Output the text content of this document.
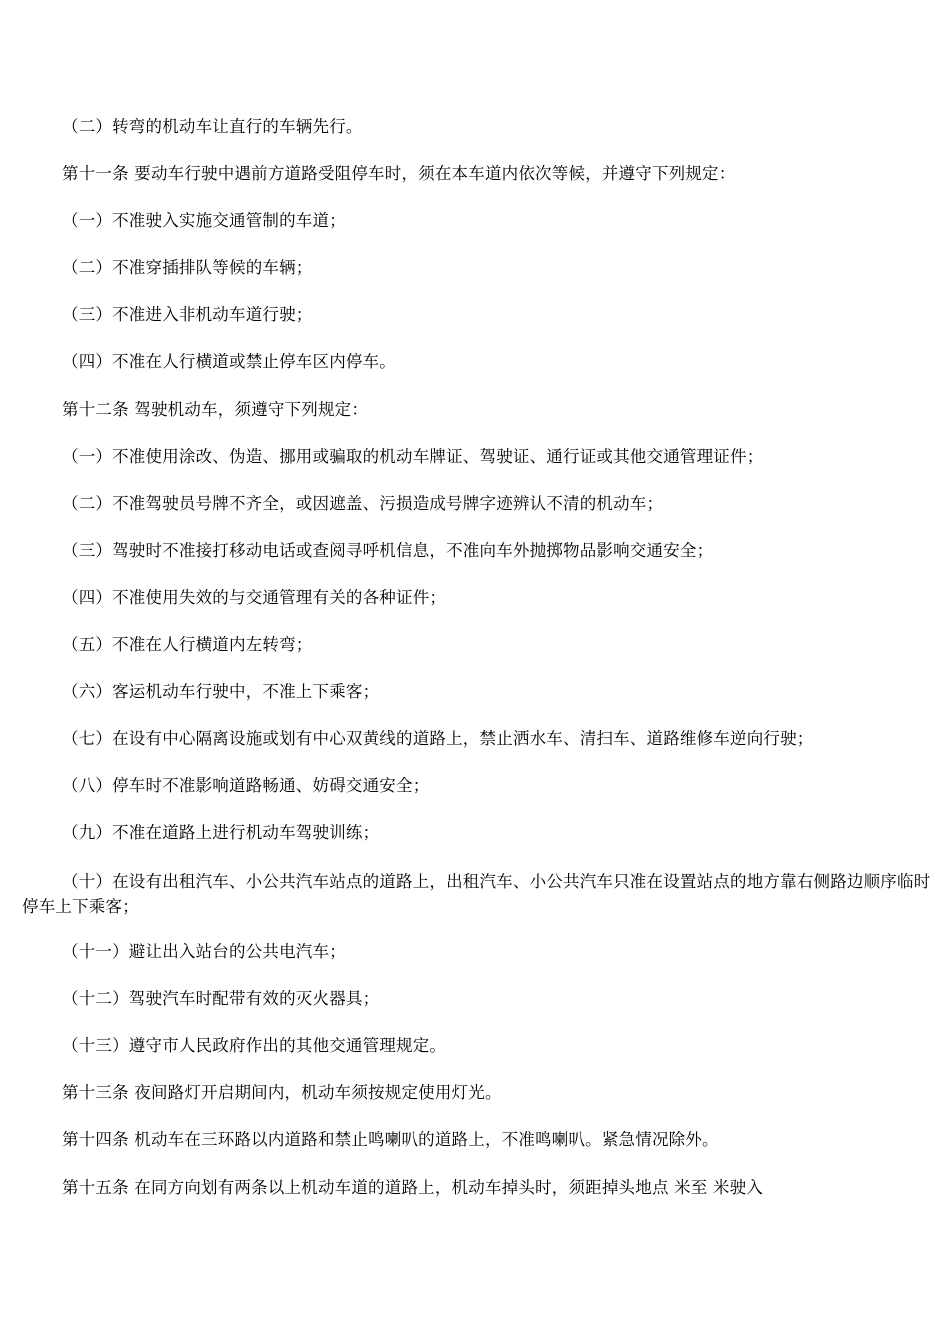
（二）转弯的机动车让直行的车辆先行。
第十一条 要动车行驶中遇前方道路受阻停车时，须在本车道内依次等候，并遵守下列规定：
（一）不准驶入实施交通管制的车道；
（二）不准穿插排队等候的车辆；
（三）不准进入非机动车道行驶；
（四）不准在人行横道或禁止停车区内停车。
第十二条 驾驶机动车，须遵守下列规定：
（一）不准使用涂改、伪造、挪用或骗取的机动车牌证、驾驶证、通行证或其他交通管理证件；
（二）不准驾驶员号牌不齐全，或因遮盖、污损造成号牌字迹辨认不清的机动车；
（三）驾驶时不准接打移动电话或查阅寻呼机信息，不准向车外抛掷物品影响交通安全；
（四）不准使用失效的与交通管理有关的各种证件；
（五）不准在人行横道内左转弯；
（六）客运机动车行驶中，不准上下乘客；
（七）在设有中心隔离设施或划有中心双黄线的道路上，禁止洒水车、清扫车、道路维修车逆向行驶；
（八）停车时不准影响道路畅通、妨碍交通安全；
（九）不准在道路上进行机动车驾驶训练；
（十）在设有出租汽车、小公共汽车站点的道路上，出租汽车、小公共汽车只准在设置站点的地方靠右侧路边顺序临时停车上下乘客；
（十一）避让出入站台的公共电汽车；
（十二）驾驶汽车时配带有效的灭火器具；
（十三）遵守市人民政府作出的其他交通管理规定。
第十三条 夜间路灯开启期间内，机动车须按规定使用灯光。
第十四条 机动车在三环路以内道路和禁止鸣喇叭的道路上，不准鸣喇叭。紧急情况除外。
第十五条 在同方向划有两条以上机动车道的道路上，机动车掉头时，须距掉头地点 米至 米驶入
